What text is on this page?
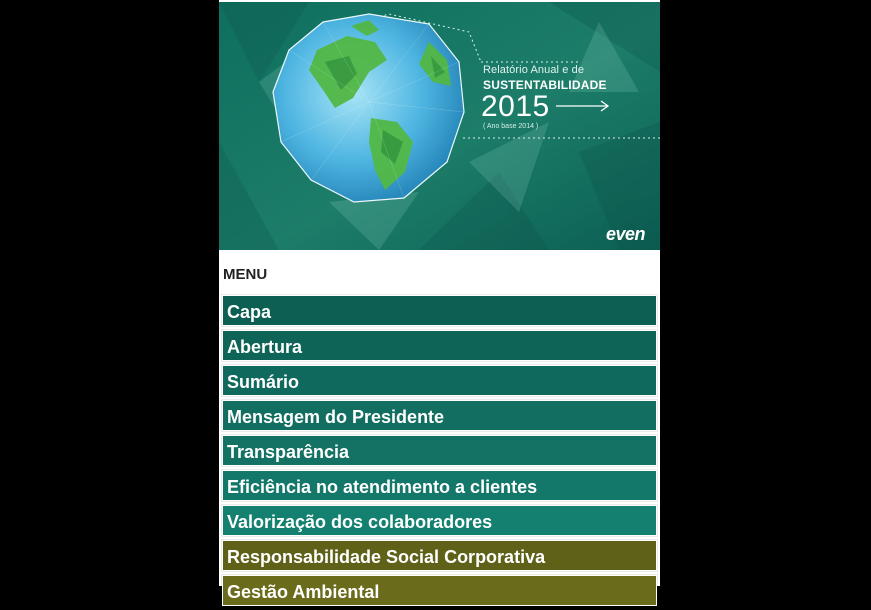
Relatório Anual e de
SUSTENTABILIDADE
2015
( Ano base 2014 )
even
MENU
Capa
Abertura
Sumário
Mensagem do Presidente
Transparência
Eficiência no atendimento a clientes
Valorização dos colaboradores
Responsabilidade Social Corporativa
Gestão Ambiental
